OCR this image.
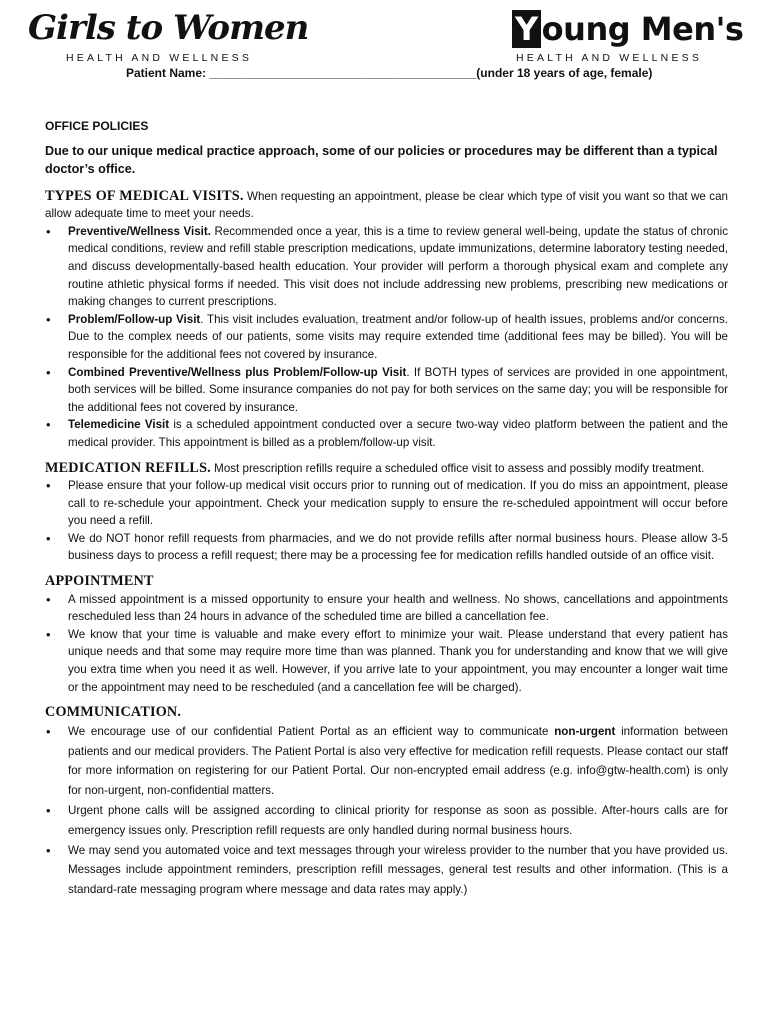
Girls to Women
HEALTH AND WELLNESS
Y oung Men's
HEALTH AND WELLNESS
Patient Name: ________________________________________(under 18 years of age, female)
OFFICE POLICIES
Due to our unique medical practice approach, some of our policies or procedures may be different than a typical doctor’s office.

TYPES OF MEDICAL VISITS. When requesting an appointment, please be clear which type of visit you want so that we can allow adequate time to meet your needs.

• Preventive/Wellness Visit. Recommended once a year, this is a time to review general well-being, update the status of chronic medical conditions, review and refill stable prescription medications, update immunizations, determine laboratory testing needed, and discuss developmentally-based health education. Your provider will perform a thorough physical exam and complete any routine athletic physical forms if needed. This visit does not include addressing new problems, prescribing new medications or making changes to current prescriptions.
• Problem/Follow-up Visit. This visit includes evaluation, treatment and/or follow-up of health issues, problems and/or concerns. Due to the complex needs of our patients, some visits may require extended time (additional fees may be billed). You will be responsible for the additional fees not covered by insurance.
• Combined Preventive/Wellness plus Problem/Follow-up Visit. If BOTH types of services are provided in one appointment, both services will be billed. Some insurance companies do not pay for both services on the same day; you will be responsible for the additional fees not covered by insurance.
• Telemedicine Visit is a scheduled appointment conducted over a secure two-way video platform between the patient and the medical provider. This appointment is billed as a problem/follow-up visit.

MEDICATION REFILLS. Most prescription refills require a scheduled office visit to assess and possibly modify treatment.

• Please ensure that your follow-up medical visit occurs prior to running out of medication. If you do miss an appointment, please call to re-schedule your appointment. Check your medication supply to ensure the re-scheduled appointment will occur before you need a refill.
• We do NOT honor refill requests from pharmacies, and we do not provide refills after normal business hours. Please allow 3-5 business days to process a refill request; there may be a processing fee for medication refills handled outside of an office visit.
APPOINTMENT
• A missed appointment is a missed opportunity to ensure your health and wellness. No shows, cancellations and appointments rescheduled less than 24 hours in advance of the scheduled time are billed a cancellation fee.
• We know that your time is valuable and make every effort to minimize your wait. Please understand that every patient has unique needs and that some may require more time than was planned. Thank you for understanding and know that we will give you extra time when you need it as well. However, if you arrive late to your appointment, you may encounter a longer wait time or the appointment may need to be rescheduled (and a cancellation fee will be charged).
COMMUNICATION.
• We encourage use of our confidential Patient Portal as an efficient way to communicate non-urgent information between patients and our medical providers. The Patient Portal is also very effective for medication refill requests. Please contact our staff for more information on registering for our Patient Portal. Our non-encrypted email address (e.g. info@gtw-health.com) is only for non-urgent, non-confidential matters.
• Urgent phone calls will be assigned according to clinical priority for response as soon as possible. After-hours calls are for emergency issues only. Prescription refill requests are only handled during normal business hours.
• We may send you automated voice and text messages through your wireless provider to the number that you have provided us. Messages include appointment reminders, prescription refill messages, general test results and other information. (This is a standard-rate messaging program where message and data rates may apply.)
